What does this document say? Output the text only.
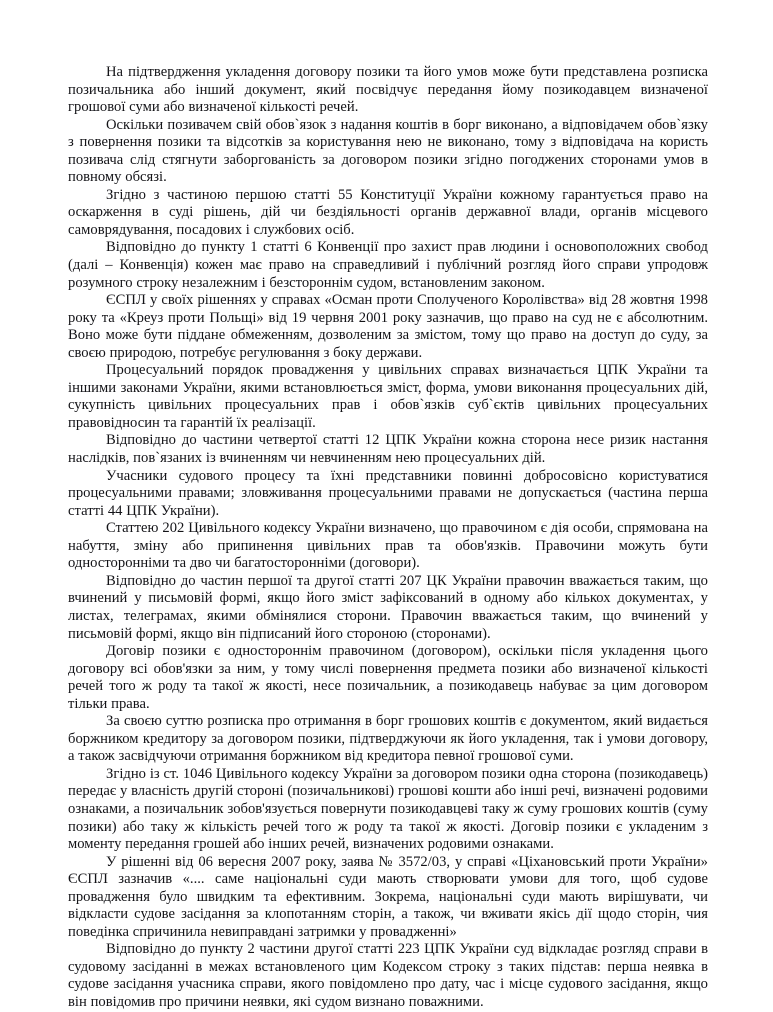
На підтвердження укладення договору позики та його умов може бути представлена розписка позичальника або інший документ, який посвідчує передання йому позикодавцем визначеної грошової суми або визначеної кількості речей.

Оскільки позивачем свій обов`язок з надання коштів в борг виконано, а відповідачем обов`язку з повернення позики та відсотків за користування нею не виконано, тому з відповідача на користь позивача слід стягнути заборгованість за договором позики згідно погоджених сторонами умов в повному обсязі.

Згідно з частиною першою статті 55 Конституції України кожному гарантується право на оскарження в суді рішень, дій чи бездіяльності органів державної влади, органів місцевого самоврядування, посадових і службових осіб.

Відповідно до пункту 1 статті 6 Конвенції про захист прав людини і основоположних свобод (далі – Конвенція) кожен має право на справедливий і публічний розгляд його справи упродовж розумного строку незалежним і безстороннім судом, встановленим законом.

ЄСПЛ у своїх рішеннях у справах «Осман проти Сполученого Королівства» від 28 жовтня 1998 року та «Креуз проти Польщі» від 19 червня 2001 року зазначив, що право на суд не є абсолютним. Воно може бути піддане обмеженням, дозволеним за змістом, тому що право на доступ до суду, за своєю природою, потребує регулювання з боку держави.

Процесуальний порядок провадження у цивільних справах визначається ЦПК України та іншими законами України, якими встановлюється зміст, форма, умови виконання процесуальних дій, сукупність цивільних процесуальних прав і обов`язків суб`єктів цивільних процесуальних правовідносин та гарантій їх реалізації.

Відповідно до частини четвертої статті 12 ЦПК України кожна сторона несе ризик настання наслідків, пов`язаних із вчиненням чи невчиненням нею процесуальних дій.

Учасники судового процесу та їхні представники повинні добросовісно користуватися процесуальними правами; зловживання процесуальними правами не допускається (частина перша статті 44 ЦПК України).

Статтею 202 Цивільного кодексу України визначено, що правочином є дія особи, спрямована на набуття, зміну або припинення цивільних прав та обов'язків. Правочини можуть бути односторонніми та дво чи багатосторонніми (договори).

Відповідно до частин першої та другої статті 207 ЦК України правочин вважається таким, що вчинений у письмовій формі, якщо його зміст зафіксований в одному або кількох документах, у листах, телеграмах, якими обмінялися сторони. Правочин вважається таким, що вчинений у письмовій формі, якщо він підписаний його стороною (сторонами).

Договір позики є одностороннім правочином (договором), оскільки після укладення цього договору всі обов'язки за ним, у тому числі повернення предмета позики або визначеної кількості речей того ж роду та такої ж якості, несе позичальник, а позикодавець набуває за цим договором тільки права.

За своєю суттю розписка про отримання в борг грошових коштів є документом, який видається боржником кредитору за договором позики, підтверджуючи як його укладення, так і умови договору, а також засвідчуючи отримання боржником від кредитора певної грошової суми.

Згідно із ст. 1046 Цивільного кодексу України за договором позики одна сторона (позикодавець) передає у власність другій стороні (позичальникові) грошові кошти або інші речі, визначені родовими ознаками, а позичальник зобов'язується повернути позикодавцеві таку ж суму грошових коштів (суму позики) або таку ж кількість речей того ж роду та такої ж якості. Договір позики є укладеним з моменту передання грошей або інших речей, визначених родовими ознаками.

У рішенні від 06 вересня 2007 року, заява № 3572/03, у справі «Ціхановський проти України» ЄСПЛ зазначив «.... саме національні суди мають створювати умови для того, щоб судове провадження було швидким та ефективним. Зокрема, національні суди мають вирішувати, чи відкласти судове засідання за клопотанням сторін, а також, чи вживати якісь дії щодо сторін, чия поведінка спричинила невиправдані затримки у провадженні»

Відповідно до пункту 2 частини другої статті 223 ЦПК України суд відкладає розгляд справи в судовому засіданні в межах встановленого цим Кодексом строку з таких підстав: перша неявка в судове засідання учасника справи, якого повідомлено про дату, час і місце судового засідання, якщо він повідомив про причини неявки, які судом визнано поважними.
